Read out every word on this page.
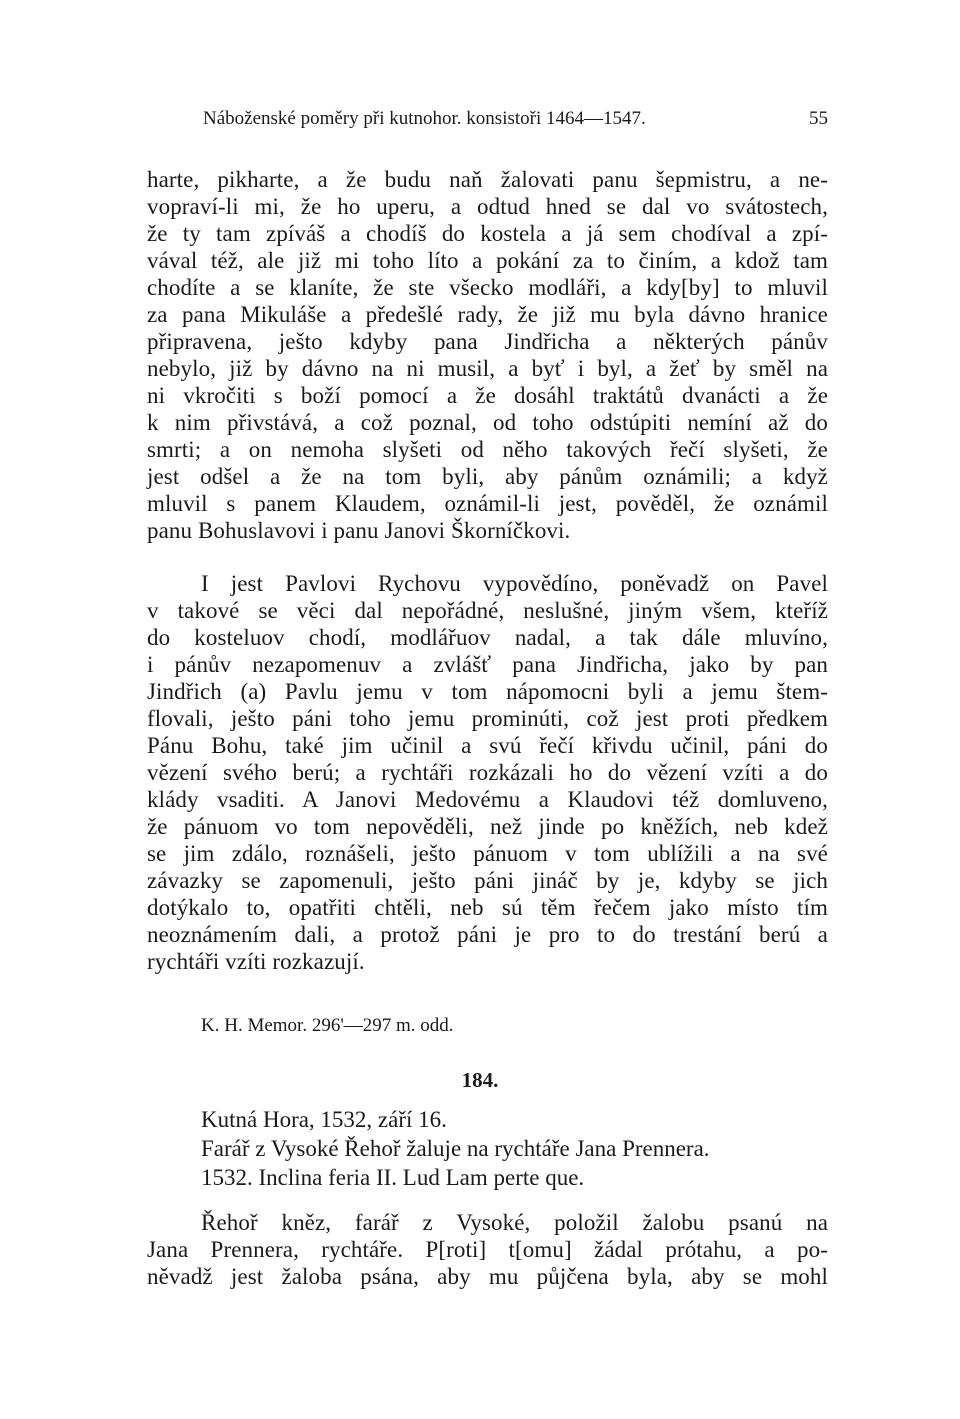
Náboženské poměry při kutnohor. konsistoři 1464—1547.	55
harte, pikharte, a že budu naň žalovati panu šepmistru, a ne-
vopraví-li mi, že ho uperu, a odtud hned se dal vo svátostech,
že ty tam zpíváš a chodíš do kostela a já sem chodíval a zpí-
vával též, ale již mi toho líto a pokání za to činím, a kdož tam
chodíte a se klaníte, že ste všecko modláři, a kdy[by] to mluvil
za pana Mikuláše a předešlé rady, že již mu byla dávno hranice
připravena, ješto kdyby pana Jindřicha a některých pánův
nebylo, již by dávno na ni musil, a byť i byl, a žeť by směl na
ni vkročiti s boží pomocí a že dosáhl traktátů dvanácti a že
k nim přivstává, a což poznal, od toho odstúpiti nemíní až do
smrti; a on nemoha slyšeti od něho takových řečí slyšeti, že
jest odšel a že na tom byli, aby pánům oznámili; a když
mluvil s panem Klaudem, oznámil-li jest, pověděl, že oznámil
panu Bohuslavovi i panu Janovi Škorníčkovi.
I jest Pavlovi Rychovu vypovědíno, poněvadž on Pavel
v takové se věci dal nepořádné, neslušné, jiným všem, kteříž
do kosteluov chodí, modlářuov nadal, a tak dále mluvíno,
i pánův nezapomenuv a zvlášť pana Jindřicha, jako by pan
Jindřich (a) Pavlu jemu v tom nápomocni byli a jemu štem-
flovali, ješto páni toho jemu prominúti, což jest proti předkem
Pánu Bohu, také jim učinil a svú řečí křivdu učinil, páni do
vězení svého berú; a rychtáři rozkázali ho do vězení vzíti a do
klády vsaditi. A Janovi Medovému a Klaudovi též domluveno,
že pánuom vo tom nepověděli, než jinde po kněžích, neb kdež
se jim zdálo, roznášeli, ješto pánuom v tom ublížili a na své
závazky se zapomenuli, ješto páni jináč by je, kdyby se jich
dotýkalo to, opatřiti chtěli, neb sú těm řečem jako místo tím
neoznámením dali, a protož páni je pro to do trestání berú a
rychtáři vzíti rozkazují.
K. H. Memor. 296'—297 m. odd.
184.
Kutná Hora, 1532, září 16.
Farář z Vysoké Řehoř žaluje na rychtáře Jana Prennera.
1532. Inclina feria II. Lud Lam perte que.
Řehoř kněz, farář z Vysoké, položil žalobu psanú na
Jana Prennera, rychtáře. P[roti] t[omu] žádal prótahu, a po-
něvadž jest žaloba psána, aby mu půjčena byla, aby se mohl
